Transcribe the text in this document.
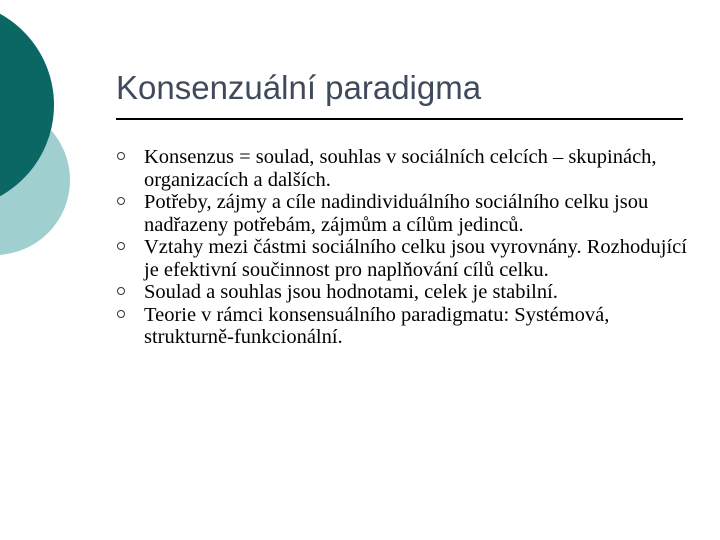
Konsenzuální paradigma
Konsenzus = soulad, souhlas v sociálních celcích – skupinách, organizacích a dalších.
Potřeby, zájmy a cíle nadindividuálního sociálního celku jsou nadřazeny potřebám, zájmům a cílům jedinců.
Vztahy mezi částmi sociálního celku jsou vyrovnány. Rozhodující je efektivní součinnost pro naplňování cílů celku.
Soulad a souhlas jsou hodnotami, celek je stabilní.
Teorie v rámci konsensuálního paradigmatu: Systémová, strukturně-funkcionální.
